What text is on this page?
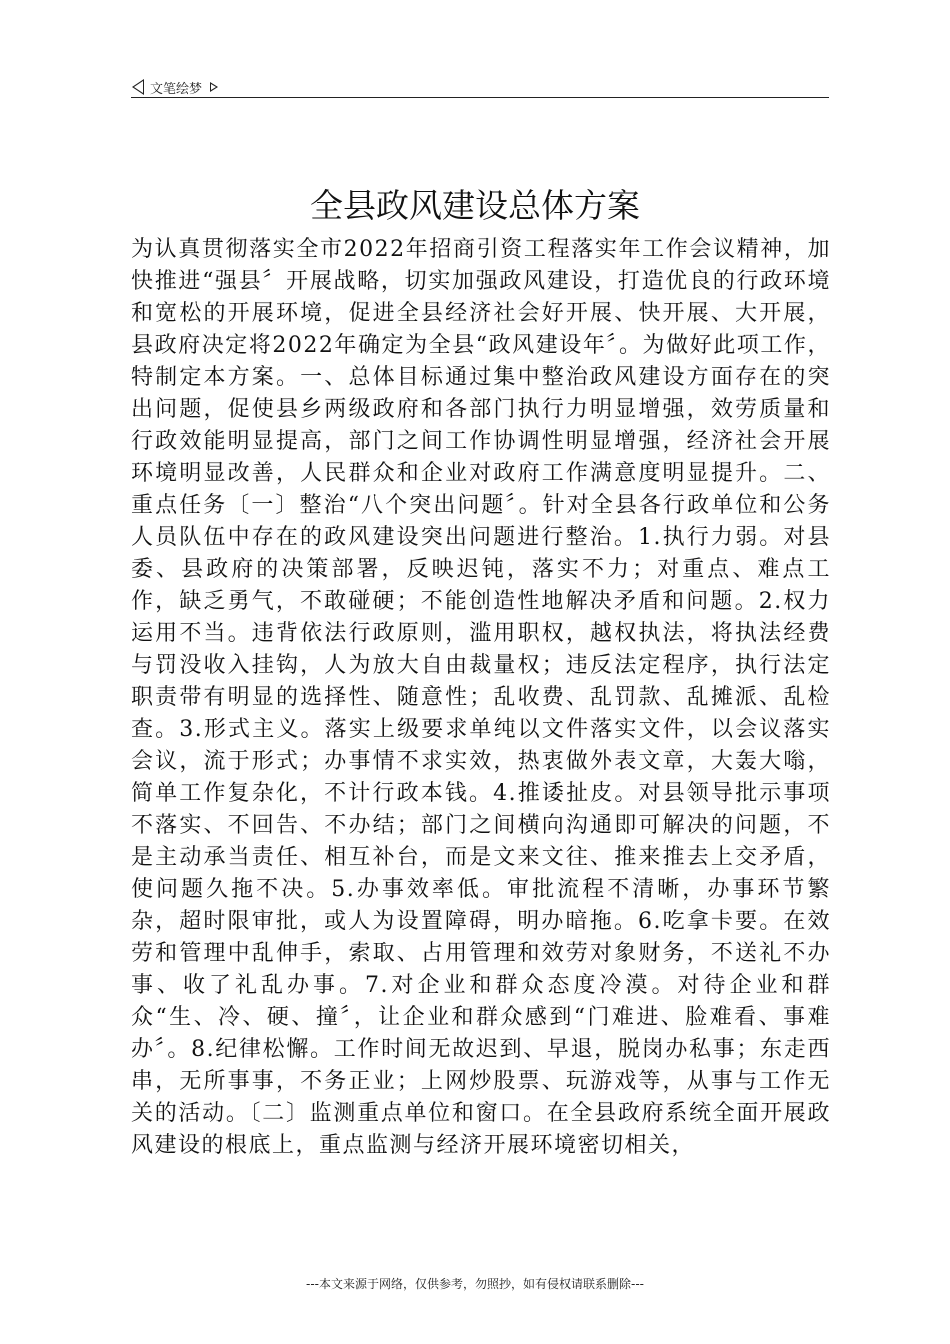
文笔绘梦
全县政风建设总体方案

为认真贯彻落实全市2022年招商引资工程落实年工作会议精神，加快推进“强县〞开展战略，切实加强政风建设，打造优良的行政环境和宽松的开展环境，促进全县经济社会好开展、快开展、大开展，县政府决定将2022年确定为全县“政风建设年〞。为做好此项工作，特制定本方案。一、总体目标通过集中整治政风建设方面存在的突出问题，促使县乡两级政府和各部门执行力明显增强，效劳质量和行政效能明显提高，部门之间工作协调性明显增强，经济社会开展环境明显改善，人民群众和企业对政府工作满意度明显提升。二、重点任务〔一〕整治“八个突出问题〞。针对全县各行政单位和公务人员队伍中存在的政风建设突出问题进行整治。1.执行力弱。对县委、县政府的决策部署，反映迟钝，落实不力；对重点、难点工作，缺乏勇气，不敢碰硬；不能创造性地解决矛盾和问题。2.权力运用不当。违背依法行政原则，滥用职权，越权执法，将执法经费与罚没收入挂钩，人为放大自由裁量权；违反法定程序，执行法定职责带有明显的选择性、随意性；乱收费、乱罚款、乱摊派、乱检查。3.形式主义。落实上级要求单纯以文件落实文件，以会议落实会议，流于形式；办事情不求实效，热衷做外表文章，大轰大嗡，简单工作复杂化，不计行政本钱。4.推诿扯皮。对县领导批示事项不落实、不回告、不办结；部门之间横向沟通即可解决的问题，不是主动承当责任、相互补台，而是文来文往、推来推去上交矛盾，使问题久拖不决。5.办事效率低。审批流程不清晰，办事环节繁杂，超时限审批，或人为设置障碍，明办暗拖。6.吃拿卡要。在效劳和管理中乱伸手，索取、占用管理和效劳对象财务，不送礼不办事、收了礼乱办事。7.对企业和群众态度冷漠。对待企业和群众“生、冷、硬、撞〞，让企业和群众感到“门难进、脸难看、事难办〞。8.纪律松懈。工作时间无故迟到、早退，脱岗办私事；东走西串，无所事事，不务正业；上网炒股票、玩游戏等，从事与工作无关的活动。〔二〕监测重点单位和窗口。在全县政府系统全面开展政风建设的根底上，重点监测与经济开展环境密切相关，

---本文来源于网络，仅供参考，勿照抄，如有侵权请联系删除---
